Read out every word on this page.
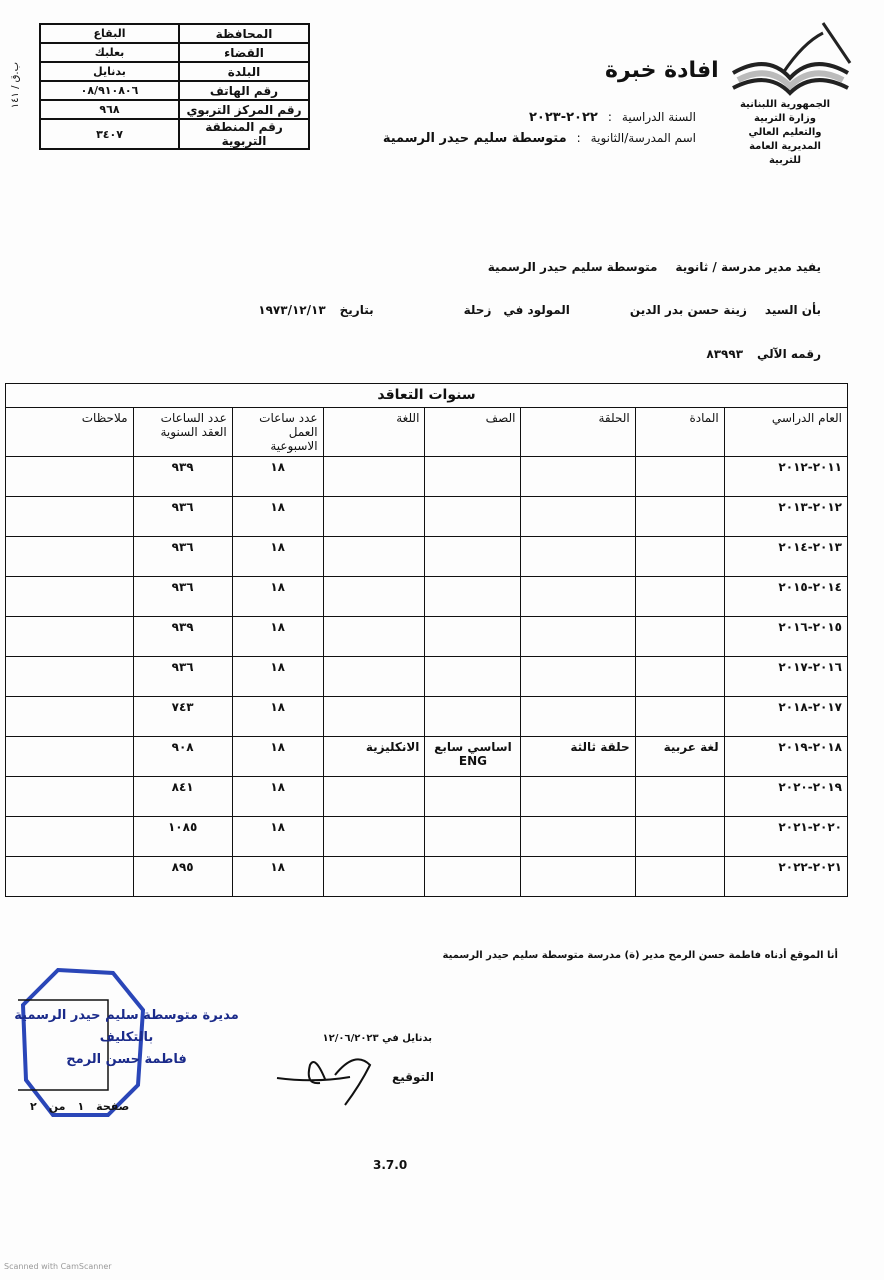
المحافظة	البقاع
القضاء	بعلبك
البلدة	بدنايل
رقم الهاتف	٠٨/٩١٠٨٠٦
رقم المركز التربوي	٩٦٨
رقم المنطقة التربوية	٣٤٠٧
ب.ق / ١٤١
الجمهورية اللبنانية
وزارة التربية والتعليم العالي
المديرية العامة للتربية
افادة خبرة
السنة الدراسية
:
٢٠٢٢-٢٠٢٣
اسم المدرسة/الثانوية
:
متوسطة سليم حيدر الرسمية
يفيد مدير مدرسة / ثانوية
متوسطة سليم حيدر الرسمية
بأن السيد
زينة حسن بدر الدين
المولود في
زحلة
بتاريخ
١٩٧٣/١٢/١٣
رقمه الآلي
٨٣٩٩٣
سنوات التعاقد							
العام الدراسي	المادة	الحلقة	الصف	اللغة	عدد ساعات العمل الاسبوعية	عدد الساعات العقد السنوية	ملاحظات
٢٠١١-٢٠١٢					١٨	٩٣٩	
٢٠١٢-٢٠١٣					١٨	٩٣٦	
٢٠١٣-٢٠١٤					١٨	٩٣٦	
٢٠١٤-٢٠١٥					١٨	٩٣٦	
٢٠١٥-٢٠١٦					١٨	٩٣٩	
٢٠١٦-٢٠١٧					١٨	٩٣٦	
٢٠١٧-٢٠١٨					١٨	٧٤٣	
٢٠١٨-٢٠١٩	لغة عربية	حلقة ثالثة	اساسي سابع ENG	الانكليزية	١٨	٩٠٨	
٢٠١٩-٢٠٢٠					١٨	٨٤١	
٢٠٢٠-٢٠٢١					١٨	١٠٨٥	
٢٠٢١-٢٠٢٢					١٨	٨٩٥	
أنا الموقع أدناه فاطمة حسن الرمح مدير (ة) مدرسة متوسطة سليم حيدر الرسمية
مديرة متوسطة سليم حيدر الرسمية
بالتكليف
فاطمة حسن الرمح
صفحة
١
من
٢
بدنايل في ١٢/٠٦/٢٠٢٣
التوقيع
3.7.0
Scanned with CamScanner
